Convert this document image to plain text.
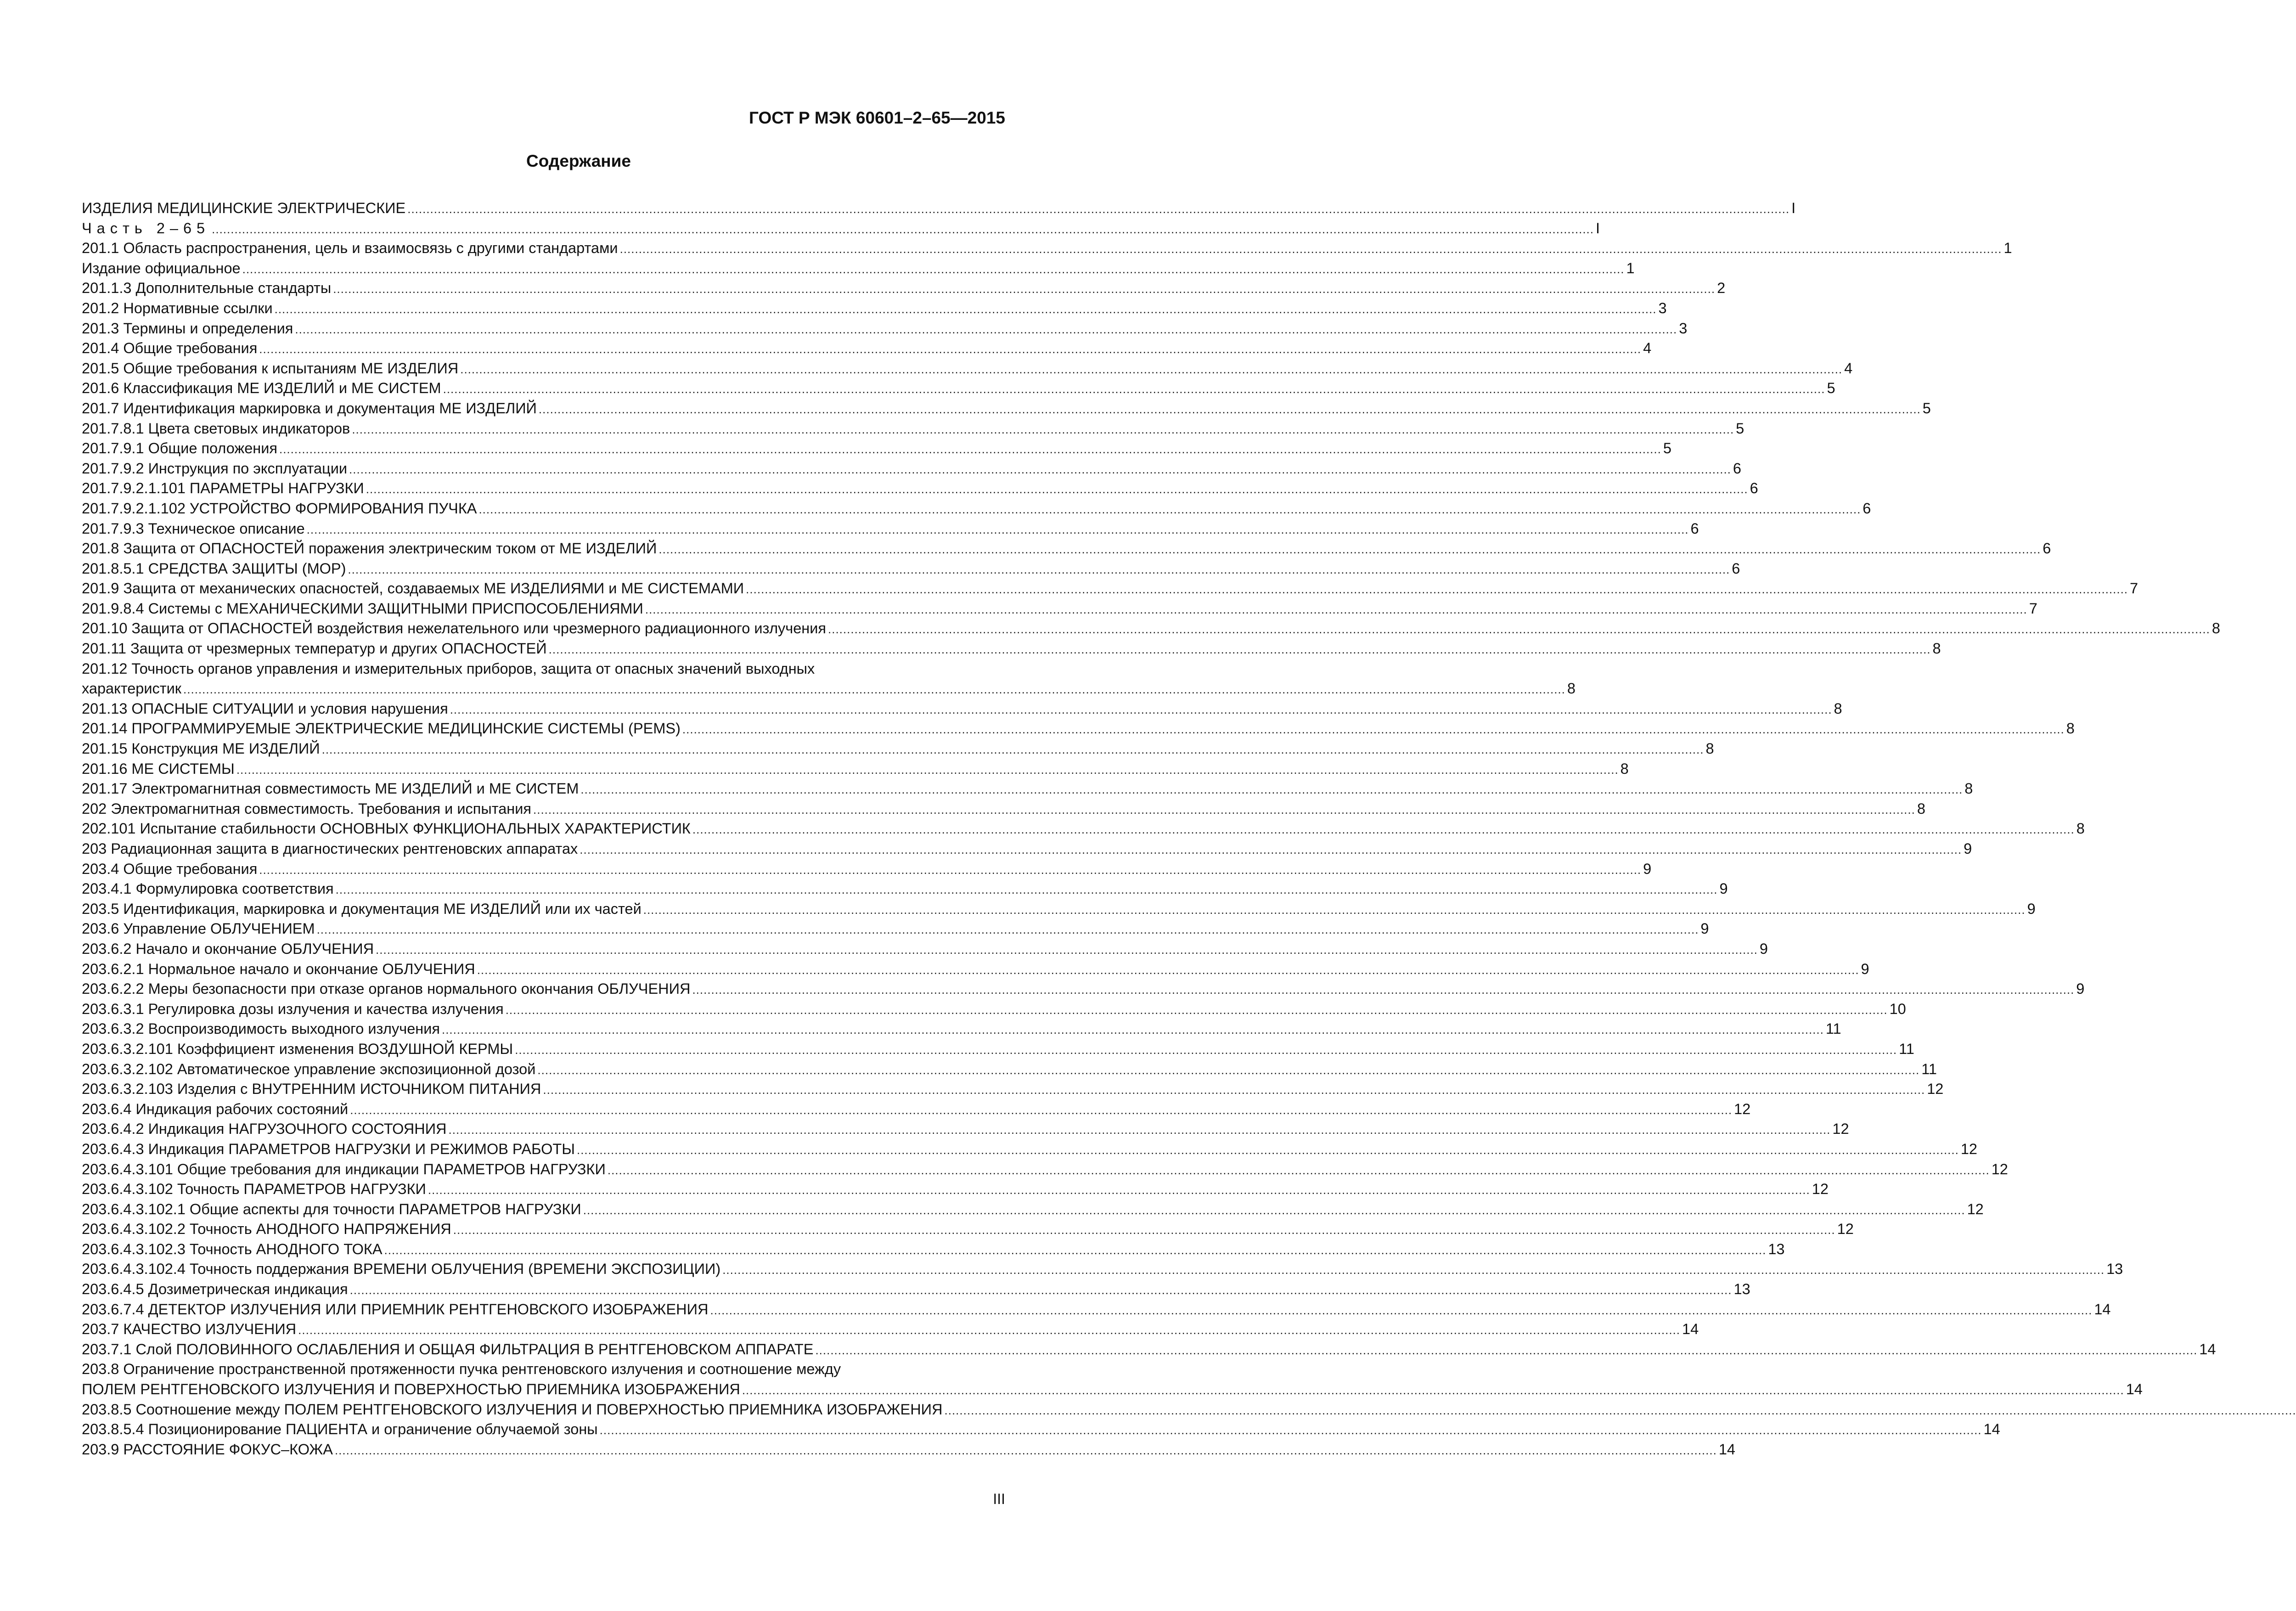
ГОСТ Р МЭК 60601–2–65—2015
Содержание
ИЗДЕЛИЯ МЕДИЦИНСКИЕ ЭЛЕКТРИЧЕСКИЕ .....	I
Часть 2–65 .....	I
201.1 Область распространения, цель и взаимосвязь с другими стандартами .....	1
Издание официальное .....	1
201.1.3 Дополнительные стандарты .....	2
201.2 Нормативные ссылки .....	3
201.3 Термины и определения .....	3
201.4 Общие требования .....	4
201.5 Общие требования к испытаниям МЕ ИЗДЕЛИЯ .....	4
201.6 Классификация МЕ ИЗДЕЛИЙ и МЕ СИСТЕМ .....	5
201.7 Идентификация маркировка и документация МЕ ИЗДЕЛИЙ .....	5
201.7.8.1 Цвета световых индикаторов .....	5
201.7.9.1 Общие положения .....	5
201.7.9.2 Инструкция по эксплуатации .....	6
201.7.9.2.1.101 ПАРАМЕТРЫ НАГРУЗКИ .....	6
201.7.9.2.1.102 УСТРОЙСТВО ФОРМИРОВАНИЯ ПУЧКА .....	6
201.7.9.3 Техническое описание .....	6
201.8 Защита от ОПАСНОСТЕЙ поражения электрическим током от МЕ ИЗДЕЛИЙ .....	6
201.8.5.1 СРЕДСТВА ЗАЩИТЫ (МОР) .....	6
201.9 Защита от механических опасностей, создаваемых МЕ ИЗДЕЛИЯМИ и МЕ СИСТЕМАМИ .....	7
201.9.8.4 Системы с МЕХАНИЧЕСКИМИ ЗАЩИТНЫМИ ПРИСПОСОБЛЕНИЯМИ .....	7
201.10 Защита от ОПАСНОСТЕЙ воздействия нежелательного или чрезмерного радиационного излучения .....	8
201.11 Защита от чрезмерных температур и других ОПАСНОСТЕЙ .....	8
201.12 Точность органов управления и измерительных приборов, защита от опасных значений выходных
характеристик .....	8
201.13 ОПАСНЫЕ СИТУАЦИИ и условия нарушения .....	8
201.14 ПРОГРАММИРУЕМЫЕ ЭЛЕКТРИЧЕСКИЕ МЕДИЦИНСКИЕ СИСТЕМЫ (PEMS) .....	8
201.15 Конструкция МЕ ИЗДЕЛИЙ .....	8
201.16 МЕ СИСТЕМЫ .....	8
201.17 Электромагнитная совместимость МЕ ИЗДЕЛИЙ и МЕ СИСТЕМ .....	8
202 Электромагнитная совместимость. Требования и испытания .....	8
202.101 Испытание стабильности ОСНОВНЫХ ФУНКЦИОНАЛЬНЫХ ХАРАКТЕРИСТИК .....	8
203 Радиационная защита в диагностических рентгеновских аппаратах .....	9
203.4 Общие требования .....	9
203.4.1 Формулировка соответствия .....	9
203.5 Идентификация, маркировка и документация МЕ ИЗДЕЛИЙ или их частей .....	9
203.6 Управление ОБЛУЧЕНИЕМ .....	9
203.6.2 Начало и окончание ОБЛУЧЕНИЯ .....	9
203.6.2.1 Нормальное начало и окончание ОБЛУЧЕНИЯ .....	9
203.6.2.2 Меры безопасности при отказе органов нормального окончания ОБЛУЧЕНИЯ .....	9
203.6.3.1 Регулировка дозы излучения и качества излучения .....	10
203.6.3.2 Воспроизводимость выходного излучения .....	11
203.6.3.2.101 Коэффициент изменения ВОЗДУШНОЙ КЕРМЫ .....	11
203.6.3.2.102 Автоматическое управление экспозиционной дозой .....	11
203.6.3.2.103 Изделия с ВНУТРЕННИМ ИСТОЧНИКОМ ПИТАНИЯ .....	12
203.6.4 Индикация рабочих состояний .....	12
203.6.4.2 Индикация НАГРУЗОЧНОГО СОСТОЯНИЯ .....	12
203.6.4.3 Индикация ПАРАМЕТРОВ НАГРУЗКИ И РЕЖИМОВ РАБОТЫ .....	12
203.6.4.3.101 Общие требования для индикации ПАРАМЕТРОВ НАГРУЗКИ .....	12
203.6.4.3.102 Точность ПАРАМЕТРОВ НАГРУЗКИ .....	12
203.6.4.3.102.1 Общие аспекты для точности ПАРАМЕТРОВ НАГРУЗКИ .....	12
203.6.4.3.102.2 Точность АНОДНОГО НАПРЯЖЕНИЯ .....	12
203.6.4.3.102.3 Точность АНОДНОГО ТОКА .....	13
203.6.4.3.102.4 Точность поддержания ВРЕМЕНИ ОБЛУЧЕНИЯ (ВРЕМЕНИ ЭКСПОЗИЦИИ) .....	13
203.6.4.5 Дозиметрическая индикация .....	13
203.6.7.4 ДЕТЕКТОР ИЗЛУЧЕНИЯ ИЛИ ПРИЕМНИК РЕНТГЕНОВСКОГО ИЗОБРАЖЕНИЯ .....	14
203.7 КАЧЕСТВО ИЗЛУЧЕНИЯ .....	14
203.7.1 Слой ПОЛОВИННОГО ОСЛАБЛЕНИЯ И ОБЩАЯ ФИЛЬТРАЦИЯ В РЕНТГЕНОВСКОМ АППАРАТЕ .....	14
203.8 Ограничение пространственной протяженности пучка рентгеновского излучения и соотношение между
ПОЛЕМ РЕНТГЕНОВСКОГО ИЗЛУЧЕНИЯ И ПОВЕРХНОСТЬЮ ПРИЕМНИКА ИЗОБРАЖЕНИЯ .....	14
203.8.5 Соотношение между ПОЛЕМ РЕНТГЕНОВСКОГО ИЗЛУЧЕНИЯ И ПОВЕРХНОСТЬЮ ПРИЕМНИКА ИЗОБРАЖЕНИЯ
.....
203.8.5.4 Позиционирование ПАЦИЕНТА и ограничение облучаемой зоны .....	14
203.9 РАССТОЯНИЕ ФОКУС–КОЖА .....	14
III
